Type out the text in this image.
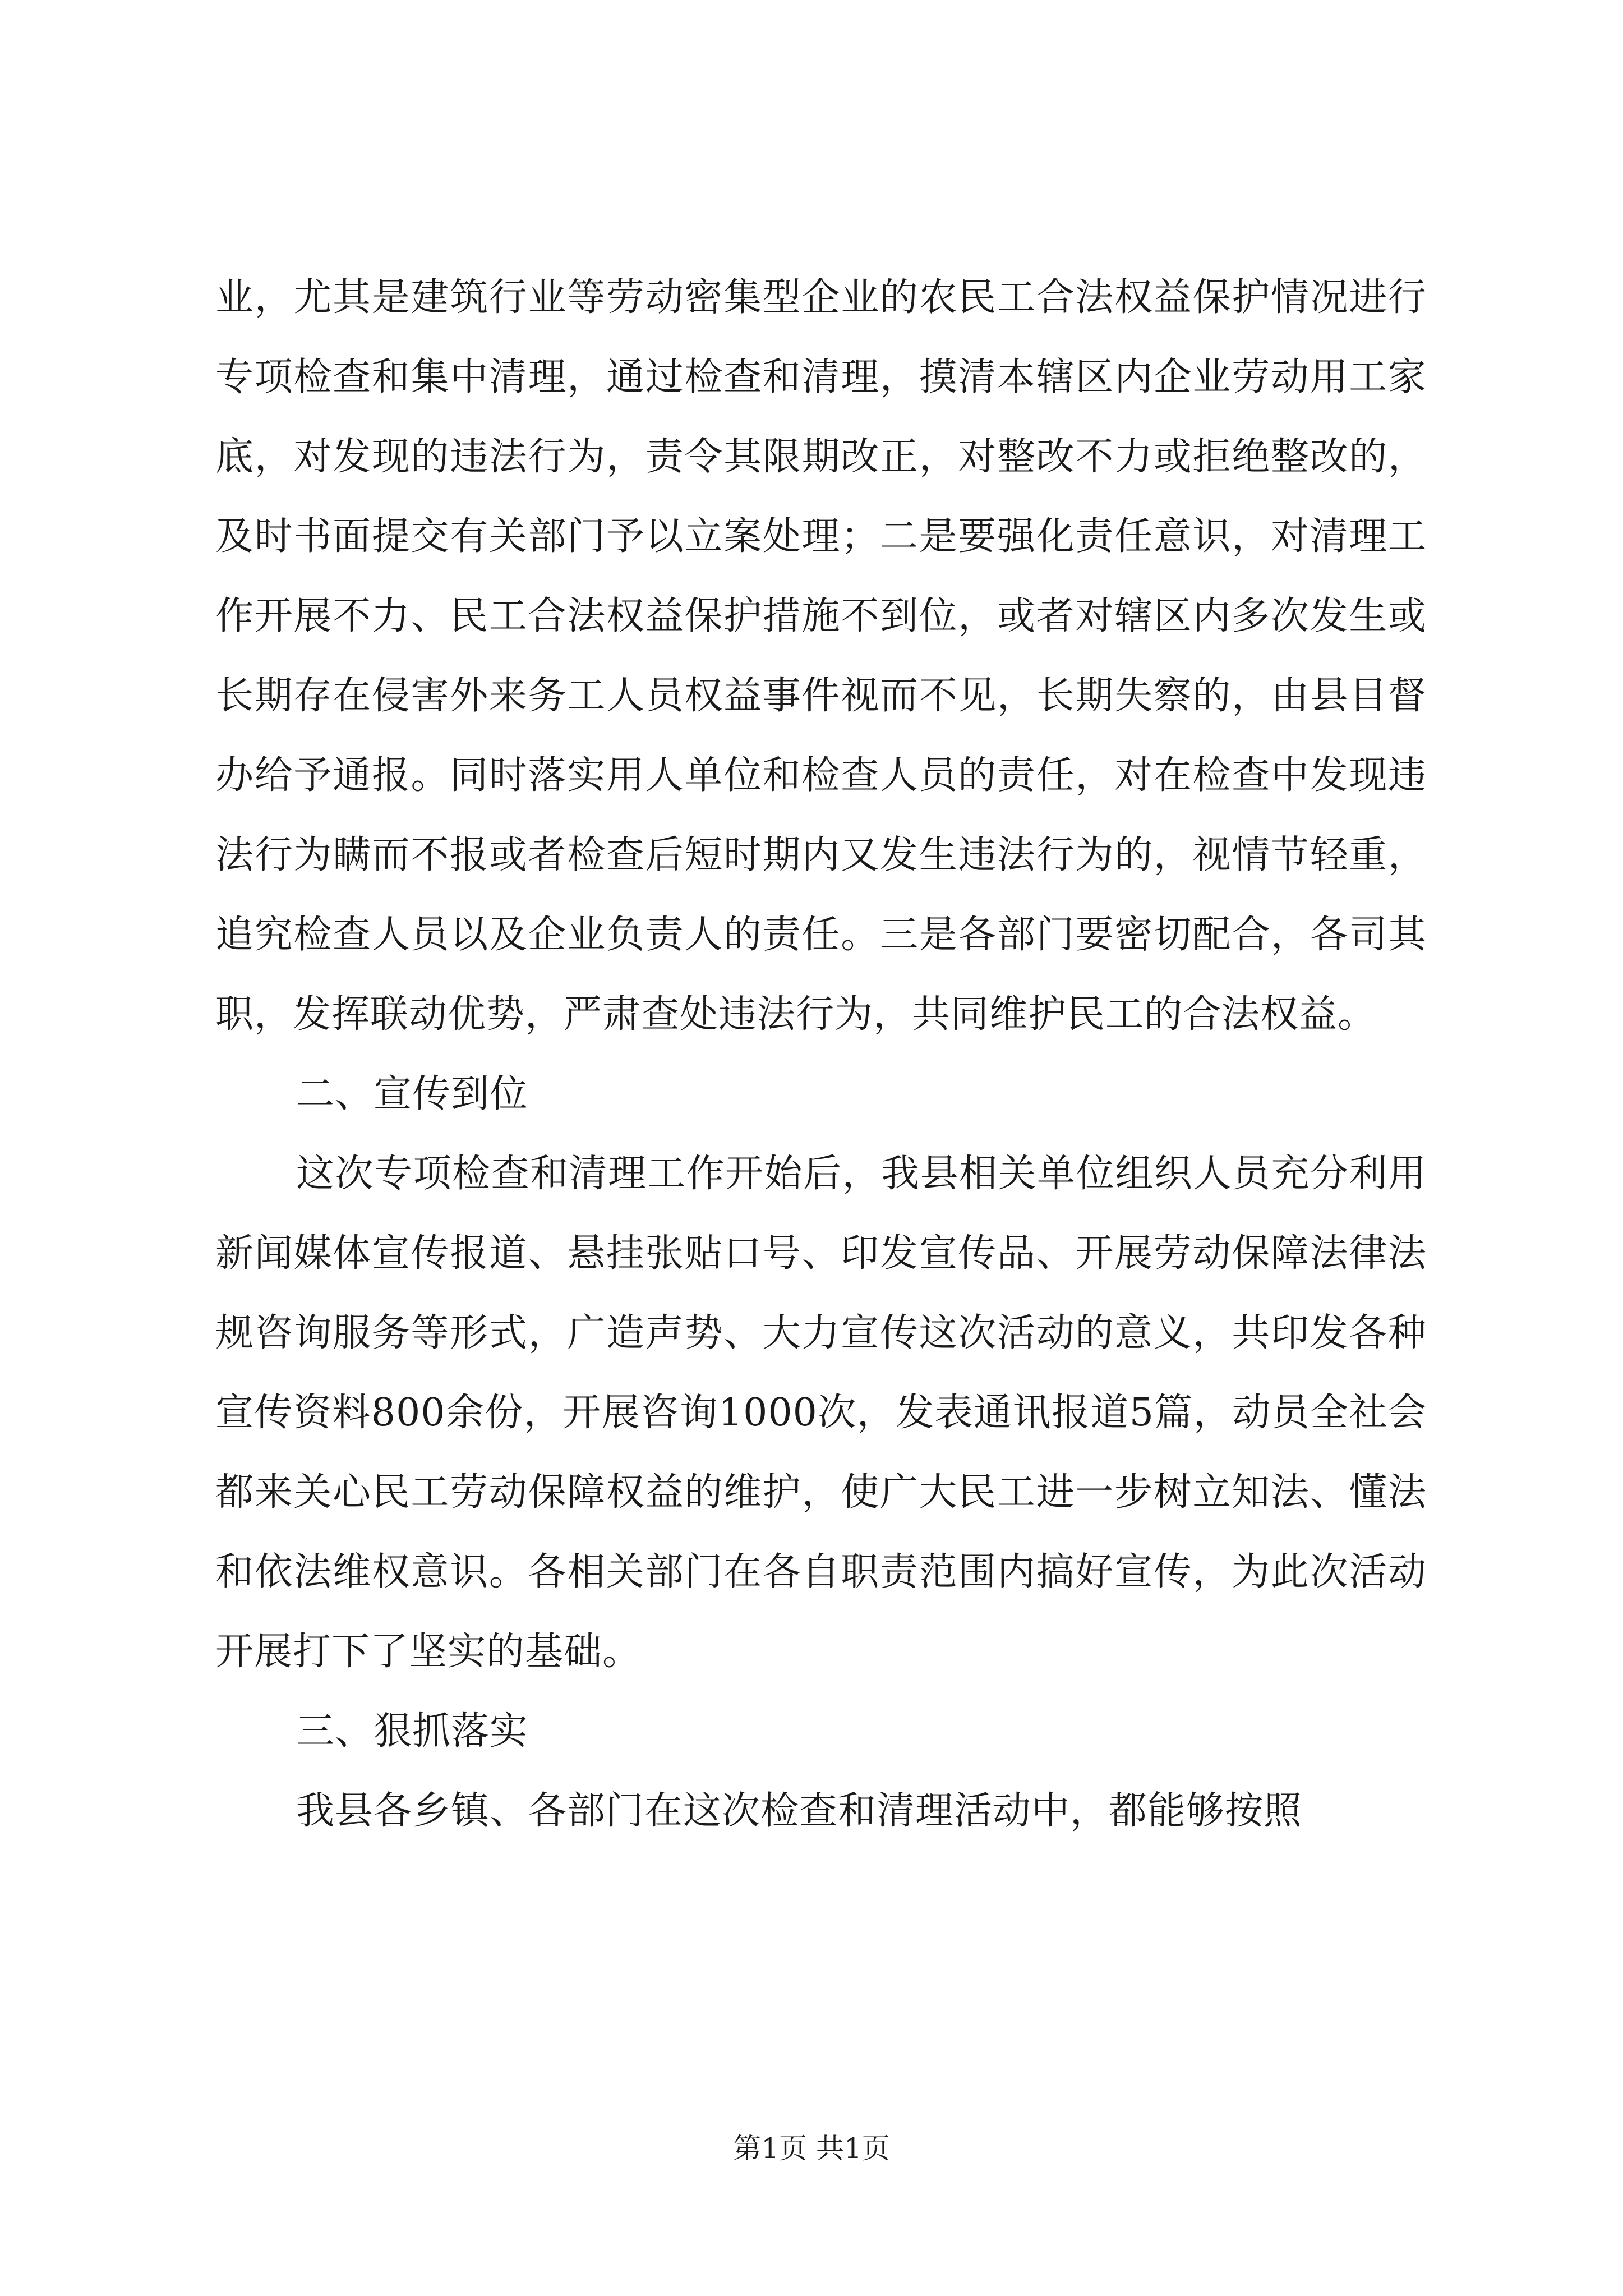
业，尤其是建筑行业等劳动密集型企业的农民工合法权益保护情况进行专项检查和集中清理，通过检查和清理，摸清本辖区内企业劳动用工家底，对发现的违法行为，责令其限期改正，对整改不力或拒绝整改的，及时书面提交有关部门予以立案处理；二是要强化责任意识，对清理工作开展不力、民工合法权益保护措施不到位，或者对辖区内多次发生或长期存在侵害外来务工人员权益事件视而不见，长期失察的，由县目督办给予通报。同时落实用人单位和检查人员的责任，对在检查中发现违法行为瞒而不报或者检查后短时期内又发生违法行为的，视情节轻重，追究检查人员以及企业负责人的责任。三是各部门要密切配合，各司其职，发挥联动优势，严肃查处违法行为，共同维护民工的合法权益。

二、宣传到位

这次专项检查和清理工作开始后，我县相关单位组织人员充分利用新闻媒体宣传报道、悬挂张贴口号、印发宣传品、开展劳动保障法律法规咨询服务等形式，广造声势、大力宣传这次活动的意义，共印发各种宣传资料800余份，开展咨询1000次，发表通讯报道5篇，动员全社会都来关心民工劳动保障权益的维护，使广大民工进一步树立知法、懂法和依法维权意识。各相关部门在各自职责范围内搞好宣传，为此次活动开展打下了坚实的基础。

三、狠抓落实

我县各乡镇、各部门在这次检查和清理活动中，都能够按照

第1页 共1页
